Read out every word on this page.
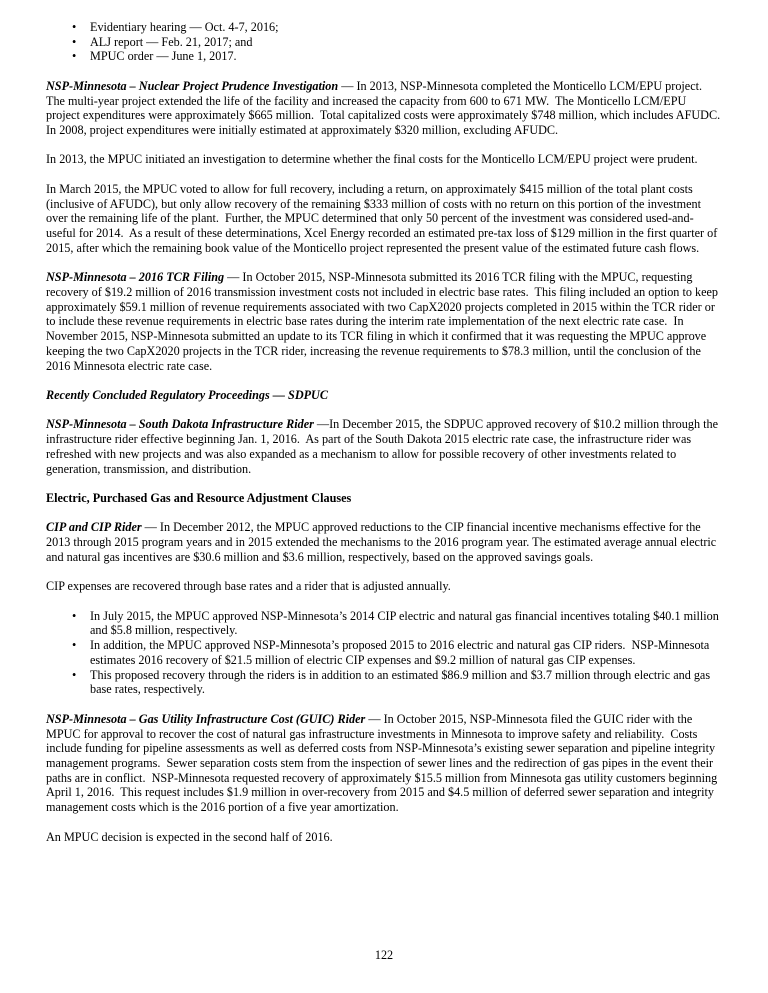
•	Evidentiary hearing — Oct. 4-7, 2016;
•	ALJ report — Feb. 21, 2017; and
•	MPUC order — June 1, 2017.

NSP-Minnesota – Nuclear Project Prudence Investigation — In 2013, NSP-Minnesota completed the Monticello LCM/EPU project. The multi-year project extended the life of the facility and increased the capacity from 600 to 671 MW.  The Monticello LCM/EPU project expenditures were approximately $665 million.  Total capitalized costs were approximately $748 million, which includes AFUDC.  In 2008, project expenditures were initially estimated at approximately $320 million, excluding AFUDC.

In 2013, the MPUC initiated an investigation to determine whether the final costs for the Monticello LCM/EPU project were prudent.

In March 2015, the MPUC voted to allow for full recovery, including a return, on approximately $415 million of the total plant costs (inclusive of AFUDC), but only allow recovery of the remaining $333 million of costs with no return on this portion of the investment over the remaining life of the plant.  Further, the MPUC determined that only 50 percent of the investment was considered used-and-useful for 2014.  As a result of these determinations, Xcel Energy recorded an estimated pre-tax loss of $129 million in the first quarter of 2015, after which the remaining book value of the Monticello project represented the present value of the estimated future cash flows.

NSP-Minnesota – 2016 TCR Filing — In October 2015, NSP-Minnesota submitted its 2016 TCR filing with the MPUC, requesting recovery of $19.2 million of 2016 transmission investment costs not included in electric base rates.  This filing included an option to keep approximately $59.1 million of revenue requirements associated with two CapX2020 projects completed in 2015 within the TCR rider or to include these revenue requirements in electric base rates during the interim rate implementation of the next electric rate case.  In November 2015, NSP-Minnesota submitted an update to its TCR filing in which it confirmed that it was requesting the MPUC approve keeping the two CapX2020 projects in the TCR rider, increasing the revenue requirements to $78.3 million, until the conclusion of the 2016 Minnesota electric rate case.

Recently Concluded Regulatory Proceedings — SDPUC

NSP-Minnesota – South Dakota Infrastructure Rider —In December 2015, the SDPUC approved recovery of $10.2 million through the infrastructure rider effective beginning Jan. 1, 2016.  As part of the South Dakota 2015 electric rate case, the infrastructure rider was refreshed with new projects and was also expanded as a mechanism to allow for possible recovery of other investments related to generation, transmission, and distribution.

Electric, Purchased Gas and Resource Adjustment Clauses

CIP and CIP Rider — In December 2012, the MPUC approved reductions to the CIP financial incentive mechanisms effective for the 2013 through 2015 program years and in 2015 extended the mechanisms to the 2016 program year. The estimated average annual electric and natural gas incentives are $30.6 million and $3.6 million, respectively, based on the approved savings goals.

CIP expenses are recovered through base rates and a rider that is adjusted annually.

•	In July 2015, the MPUC approved NSP-Minnesota’s 2014 CIP electric and natural gas financial incentives totaling $40.1 million and $5.8 million, respectively.
•	In addition, the MPUC approved NSP-Minnesota’s proposed 2015 to 2016 electric and natural gas CIP riders.  NSP-Minnesota estimates 2016 recovery of $21.5 million of electric CIP expenses and $9.2 million of natural gas CIP expenses.
•	This proposed recovery through the riders is in addition to an estimated $86.9 million and $3.7 million through electric and gas base rates, respectively.

NSP-Minnesota – Gas Utility Infrastructure Cost (GUIC) Rider — In October 2015, NSP-Minnesota filed the GUIC rider with the MPUC for approval to recover the cost of natural gas infrastructure investments in Minnesota to improve safety and reliability.  Costs include funding for pipeline assessments as well as deferred costs from NSP-Minnesota’s existing sewer separation and pipeline integrity management programs.  Sewer separation costs stem from the inspection of sewer lines and the redirection of gas pipes in the event their paths are in conflict.  NSP-Minnesota requested recovery of approximately $15.5 million from Minnesota gas utility customers beginning April 1, 2016.  This request includes $1.9 million in over-recovery from 2015 and $4.5 million of deferred sewer separation and integrity management costs which is the 2016 portion of a five year amortization.

An MPUC decision is expected in the second half of 2016.

122
